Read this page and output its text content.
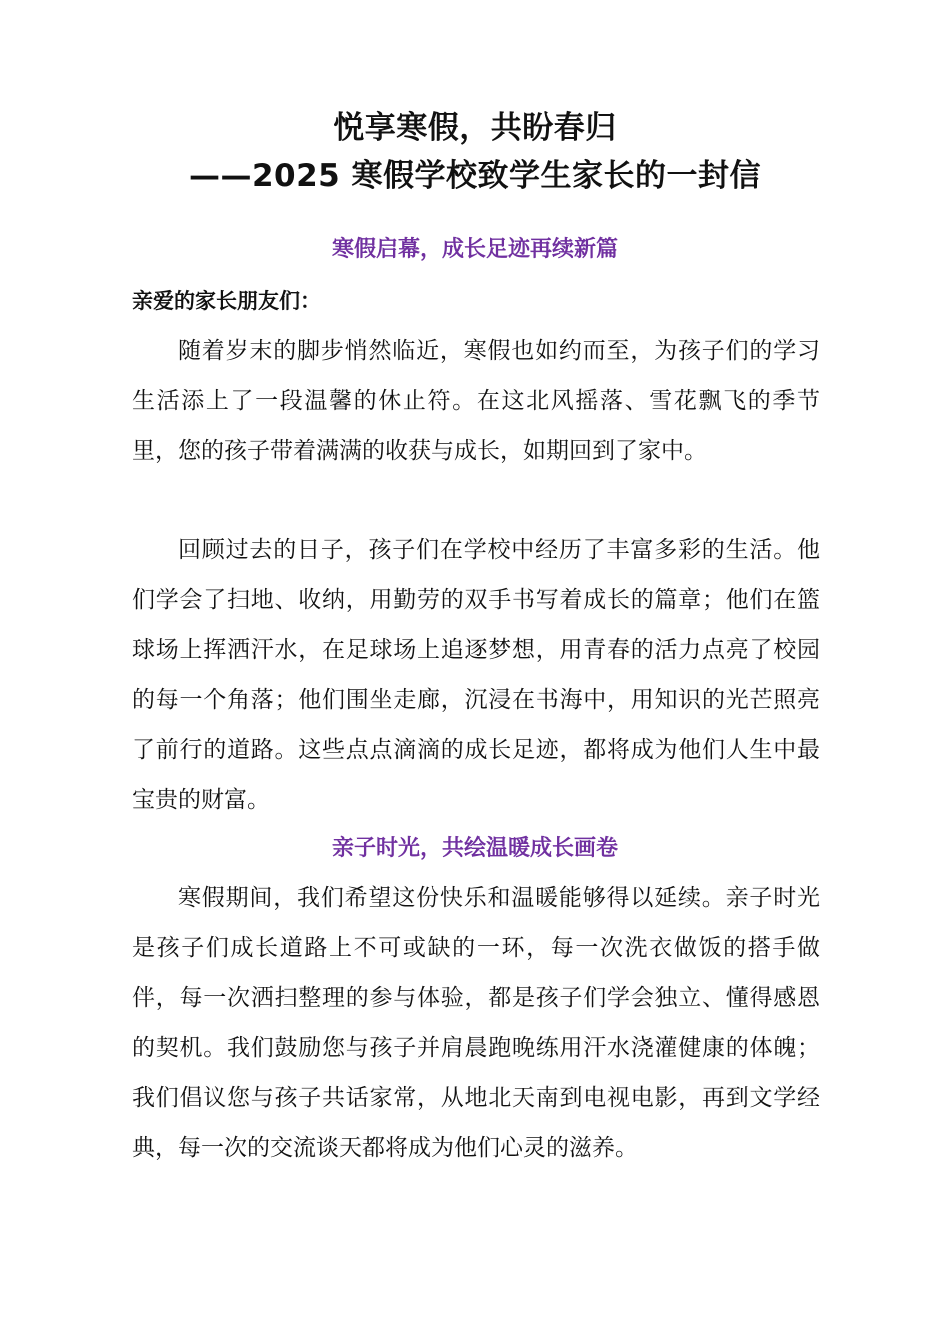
悦享寒假，共盼春归
——2025 寒假学校致学生家长的一封信
寒假启幕，成长足迹再续新篇
亲爱的家长朋友们：

随着岁末的脚步悄然临近，寒假也如约而至，为孩子们的学习生活添上了一段温馨的休止符。在这北风摇落、雪花飘飞的季节里，您的孩子带着满满的收获与成长，如期回到了家中。

回顾过去的日子，孩子们在学校中经历了丰富多彩的生活。他们学会了扫地、收纳，用勤劳的双手书写着成长的篇章；他们在篮球场上挥洒汗水，在足球场上追逐梦想，用青春的活力点亮了校园的每一个角落；他们围坐走廊，沉浸在书海中，用知识的光芒照亮了前行的道路。这些点点滴滴的成长足迹，都将成为他们人生中最宝贵的财富。

亲子时光，共绘温暖成长画卷

寒假期间，我们希望这份快乐和温暖能够得以延续。亲子时光是孩子们成长道路上不可或缺的一环，每一次洗衣做饭的搭手做伴，每一次洒扫整理的参与体验，都是孩子们学会独立、懂得感恩的契机。我们鼓励您与孩子并肩晨跑晚练用汗水浇灌健康的体魄；我们倡议您与孩子共话家常，从地北天南到电视电影，再到文学经典，每一次的交流谈天都将成为他们心灵的滋养。
